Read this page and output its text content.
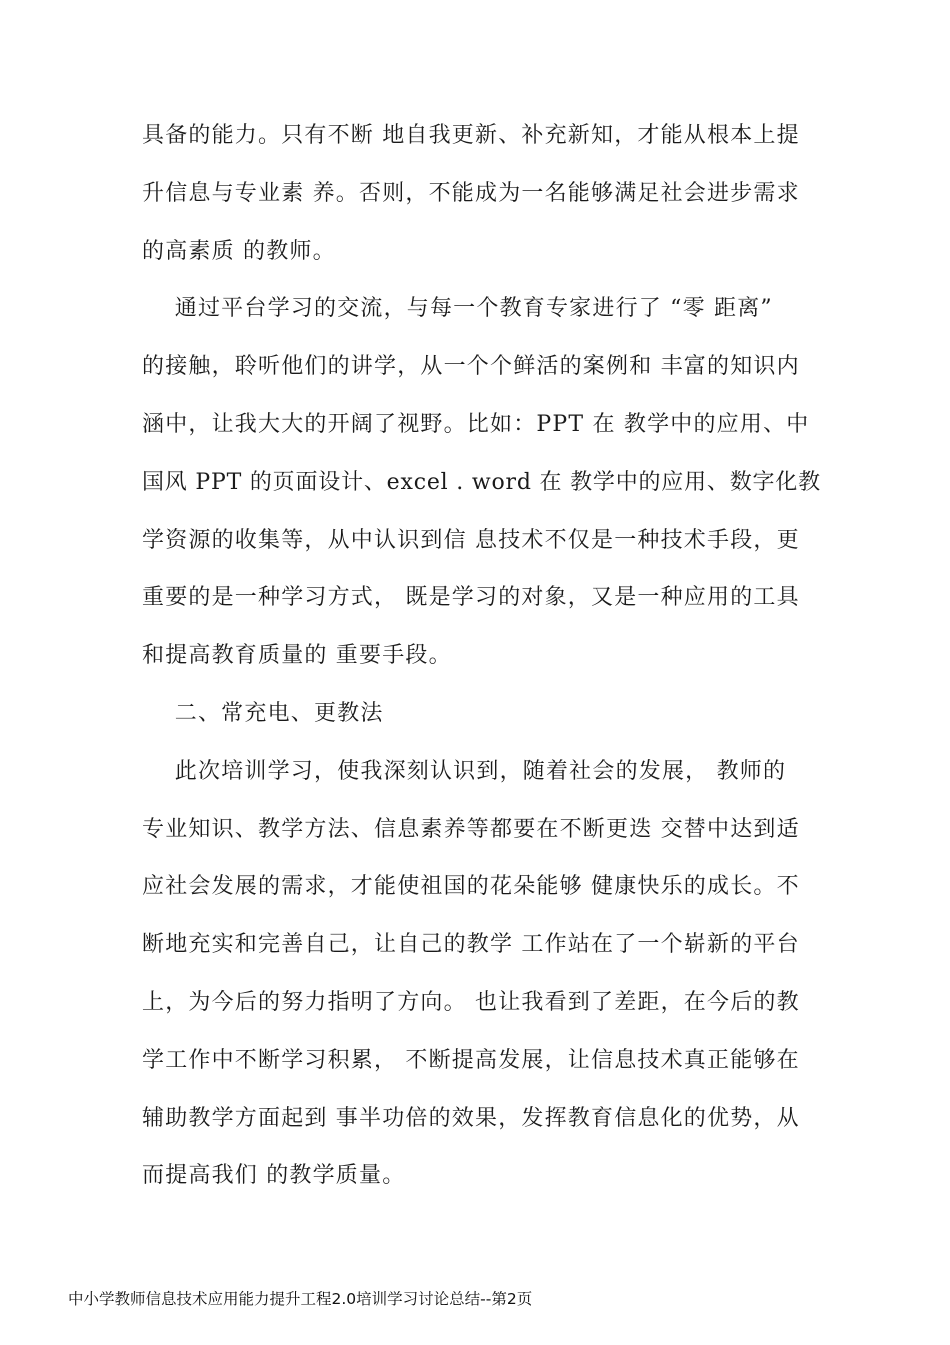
具备的能力。只有不断 地自我更新、补充新知，才能从根本上提
升信息与专业素 养。否则，不能成为一名能够满足社会进步需求
的高素质 的教师。
通过平台学习的交流，与每一个教育专家进行了 “零 距离”
的接触，聆听他们的讲学，从一个个鲜活的案例和 丰富的知识内
涵中，让我大大的开阔了视野。比如：PPT 在 教学中的应用、中
国风 PPT 的页面设计、excel . word 在 教学中的应用、数字化教
学资源的收集等，从中认识到信 息技术不仅是一种技术手段，更
重要的是一种学习方式， 既是学习的对象，又是一种应用的工具
和提高教育质量的 重要手段。
二、常充电、更教法
此次培训学习，使我深刻认识到，随着社会的发展， 教师的
专业知识、教学方法、信息素养等都要在不断更迭 交替中达到适
应社会发展的需求，才能使祖国的花朵能够 健康快乐的成长。不
断地充实和完善自己，让自己的教学 工作站在了一个崭新的平台
上，为今后的努力指明了方向。 也让我看到了差距，在今后的教
学工作中不断学习积累， 不断提高发展，让信息技术真正能够在
辅助教学方面起到 事半功倍的效果，发挥教育信息化的优势，从
而提高我们 的教学质量。
中小学教师信息技术应用能力提升工程2.0培训学习讨论总结--第2页
